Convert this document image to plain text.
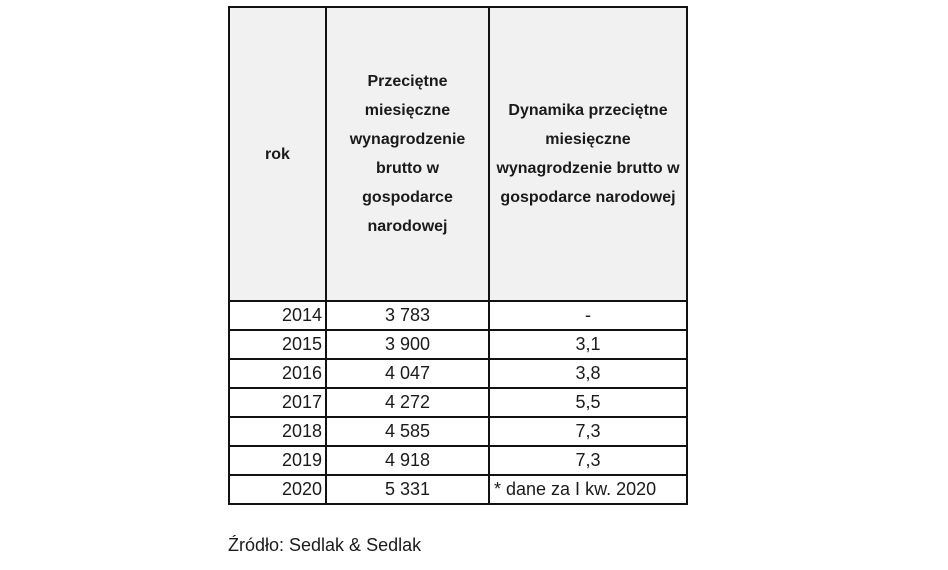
rok	Przeciętne miesięczne wynagrodzenie brutto w gospodarce narodowej	Dynamika przeciętne miesięczne wynagrodzenie brutto w gospodarce narodowej
2014	3 783	-
2015	3 900	3,1
2016	4 047	3,8
2017	4 272	5,5
2018	4 585	7,3
2019	4 918	7,3
2020	5 331	* dane za I kw. 2020
Źródło: Sedlak & Sedlak
